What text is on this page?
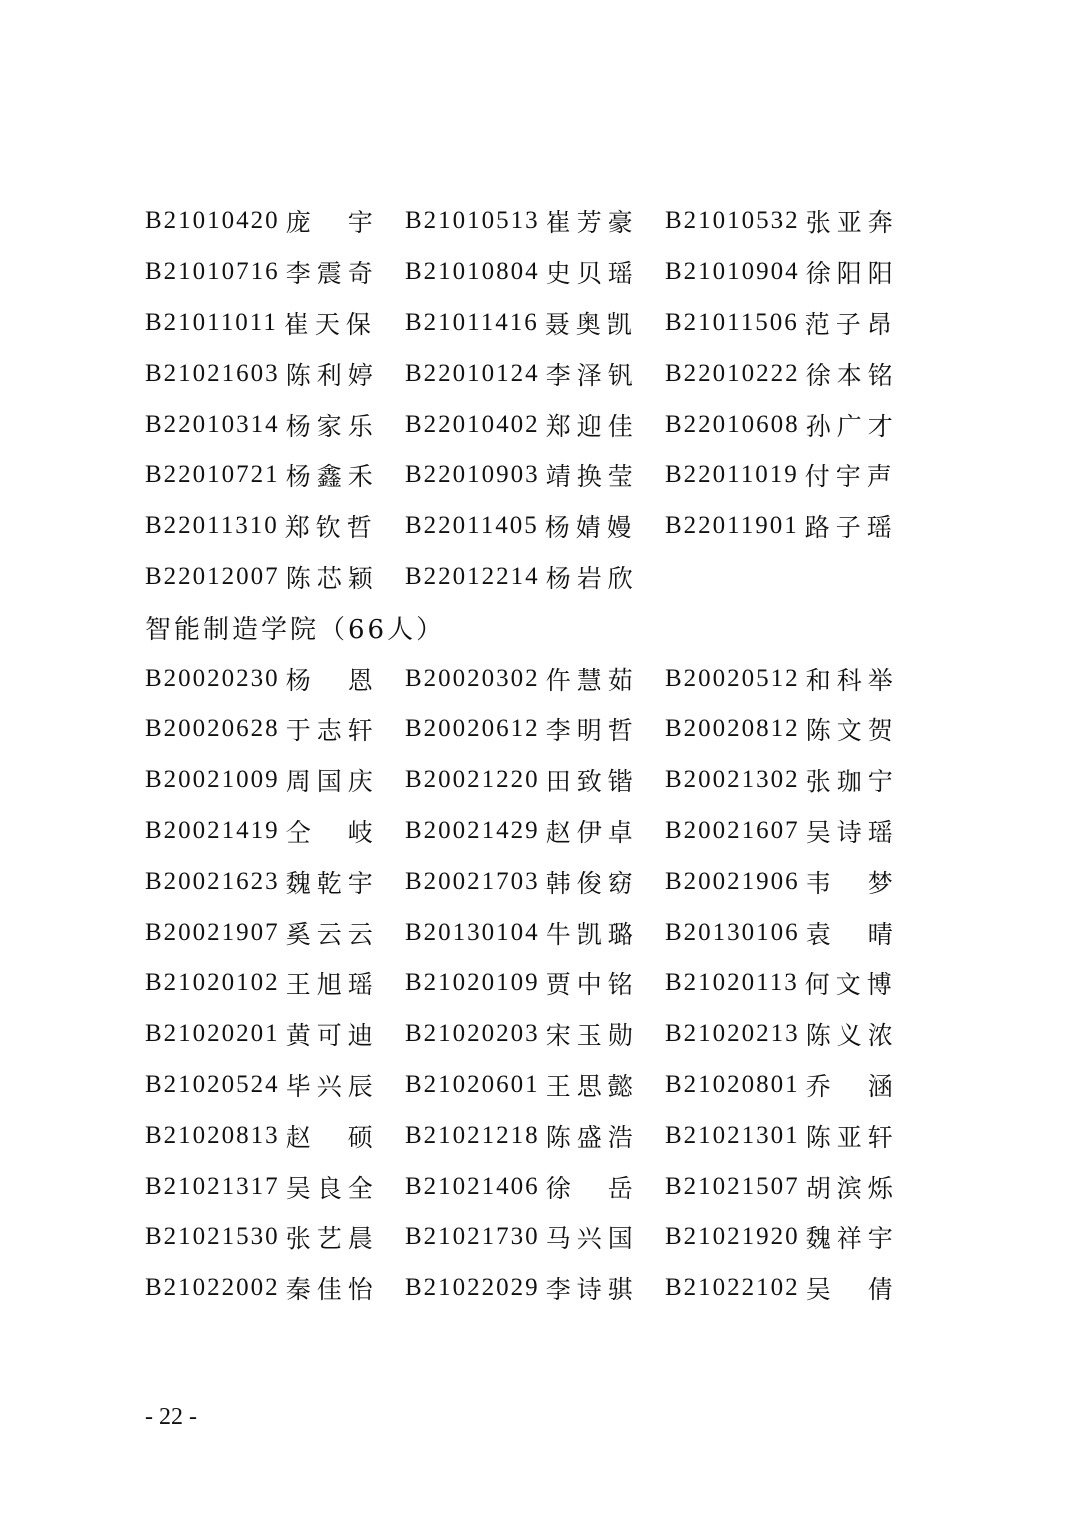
B21010420 庞　宇 B21010513 崔芳豪 B21010532 张亚奔
B21010716 李震奇 B21010804 史贝瑶 B21010904 徐阳阳
B21011011 崔天保 B21011416 聂奥凯 B21011506 范子昂
B21021603 陈利婷 B22010124 李泽钒 B22010222 徐本铭
B22010314 杨家乐 B22010402 郑迎佳 B22010608 孙广才
B22010721 杨鑫禾 B22010903 靖换莹 B22011019 付宇声
B22011310 郑钦哲 B22011405 杨婧嫚 B22011901 路子瑶
B22012007 陈芯颖 B22012214 杨岩欣
智能制造学院（66人）
B20020230 杨　恩 B20020302 仵慧茹 B20020512 和科举
B20020628 于志轩 B20020612 李明哲 B20020812 陈文贺
B20021009 周国庆 B20021220 田致锴 B20021302 张珈宁
B20021419 仝　岐 B20021429 赵伊卓 B20021607 吴诗瑶
B20021623 魏乾宇 B20021703 韩俊窈 B20021906 韦　梦
B20021907 奚云云 B20130104 牛凯璐 B20130106 袁　晴
B21020102 王旭瑶 B21020109 贾中铭 B21020113 何文博
B21020201 黄可迪 B21020203 宋玉勋 B21020213 陈义浓
B21020524 毕兴辰 B21020601 王思懿 B21020801 乔　涵
B21020813 赵　硕 B21021218 陈盛浩 B21021301 陈亚轩
B21021317 吴良全 B21021406 徐　岳 B21021507 胡滨烁
B21021530 张艺晨 B21021730 马兴国 B21021920 魏祥宇
B21022002 秦佳怡 B21022029 李诗骐 B21022102 吴　倩
- 22 -
